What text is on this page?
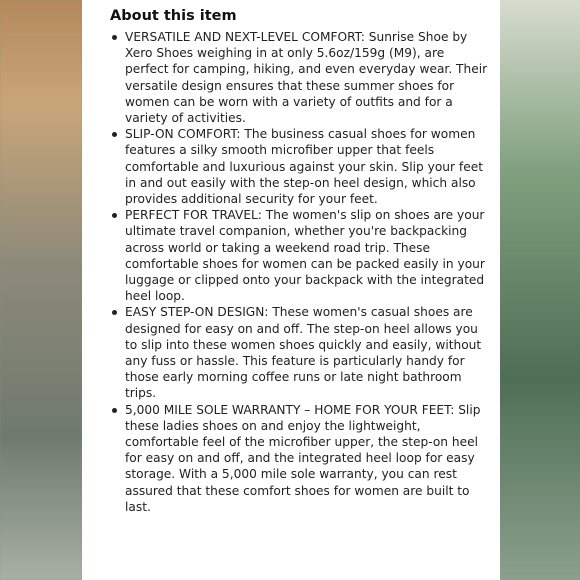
About this item
VERSATILE AND NEXT-LEVEL COMFORT: Sunrise Shoe by Xero Shoes weighing in at only 5.6oz/159g (M9), are perfect for camping, hiking, and even everyday wear. Their versatile design ensures that these summer shoes for women can be worn with a variety of outfits and for a variety of activities.
SLIP-ON COMFORT: The business casual shoes for women features a silky smooth microfiber upper that feels comfortable and luxurious against your skin. Slip your feet in and out easily with the step-on heel design, which also provides additional security for your feet.
PERFECT FOR TRAVEL: The women's slip on shoes are your ultimate travel companion, whether you're backpacking across world or taking a weekend road trip. These comfortable shoes for women can be packed easily in your luggage or clipped onto your backpack with the integrated heel loop.
EASY STEP-ON DESIGN: These women's casual shoes are designed for easy on and off. The step-on heel allows you to slip into these women shoes quickly and easily, without any fuss or hassle. This feature is particularly handy for those early morning coffee runs or late night bathroom trips.
5,000 MILE SOLE WARRANTY – HOME FOR YOUR FEET: Slip these ladies shoes on and enjoy the lightweight, comfortable feel of the microfiber upper, the step-on heel for easy on and off, and the integrated heel loop for easy storage. With a 5,000 mile sole warranty, you can rest assured that these comfort shoes for women are built to last.
